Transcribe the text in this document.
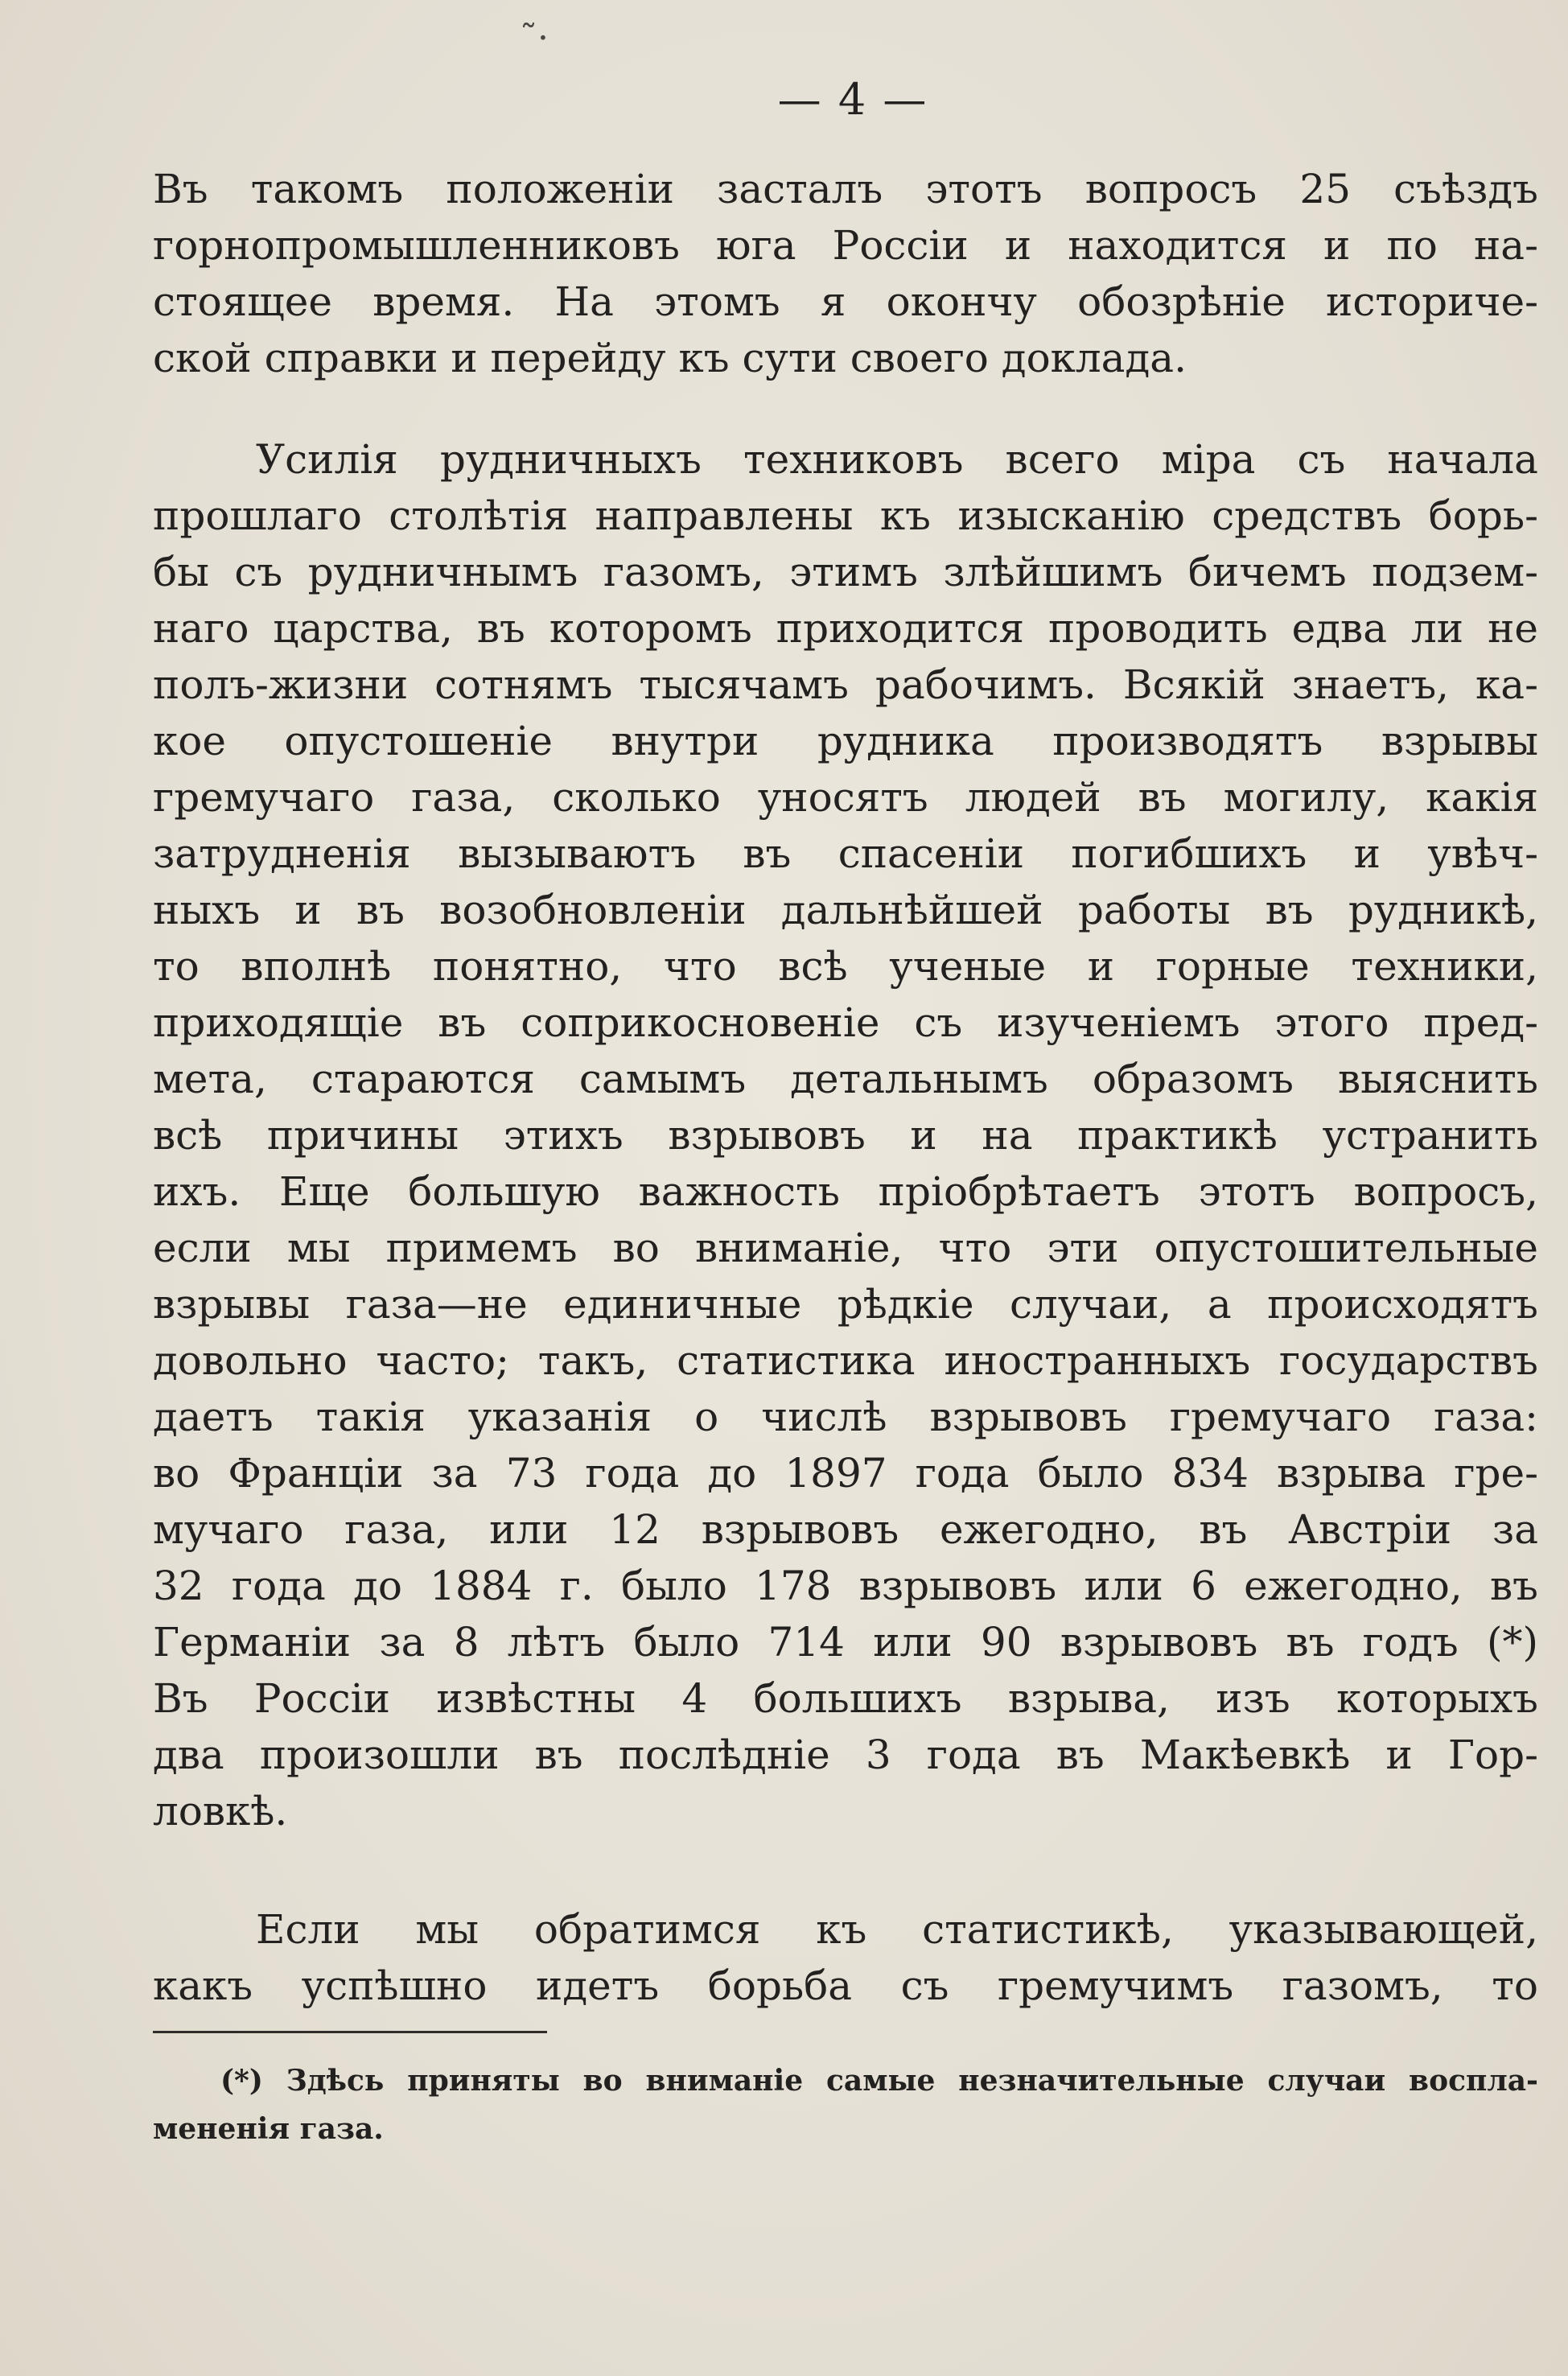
˜·
— 4 —
Въ такомъ положенiи засталъ этотъ вопросъ 25 съѣздъ
горнопромышленниковъ юга Россiи и находится и по на-
стоящее время. На этомъ я окончу обозрѣнiе историче-
ской справки и перейду къ сути своего доклада.
Усилiя рудничныхъ техниковъ всего мiра съ начала
прошлаго столѣтiя направлены къ изысканiю средствъ борь-
бы съ рудничнымъ газомъ, этимъ злѣйшимъ бичемъ подзем-
наго царства, въ которомъ приходится проводить едва ли не
полъ-жизни сотнямъ тысячамъ рабочимъ. Всякiй знаетъ, ка-
кое опустошенiе внутри рудника производятъ взрывы
гремучаго газа, сколько уносятъ людей въ могилу, какiя
затрудненiя вызываютъ въ спасенiи погибшихъ и увѣч-
ныхъ и въ возобновленiи дальнѣйшей работы въ рудникѣ,
то вполнѣ понятно, что всѣ ученые и горные техники,
приходящiе въ соприкосновенiе съ изученiемъ этого пред-
мета, стараются самымъ детальнымъ образомъ выяснить
всѣ причины этихъ взрывовъ и на практикѣ устранить
ихъ. Еще большую важность прiобрѣтаетъ этотъ вопросъ,
если мы примемъ во вниманiе, что эти опустошительные
взрывы газа—не единичные рѣдкiе случаи, а происходятъ
довольно часто; такъ, статистика иностранныхъ государствъ
даетъ такiя указанiя о числѣ взрывовъ гремучаго газа:
во Францiи за 73 года до 1897 года было 834 взрыва гре-
мучаго газа, или 12 взрывовъ ежегодно, въ Австрiи за
32 года до 1884 г. было 178 взрывовъ или 6 ежегодно, въ
Германiи за 8 лѣтъ было 714 или 90 взрывовъ въ годъ (*)
Въ Россiи извѣстны 4 большихъ взрыва, изъ которыхъ
два произошли въ послѣднiе 3 года въ Макѣевкѣ и Гор-
ловкѣ.
Если мы обратимся къ статистикѣ, указывающей,
какъ успѣшно идетъ борьба съ гремучимъ газомъ, то
(*) Здѣсь приняты во вниманiе самые незначительные случаи воспла-
мененiя газа.
